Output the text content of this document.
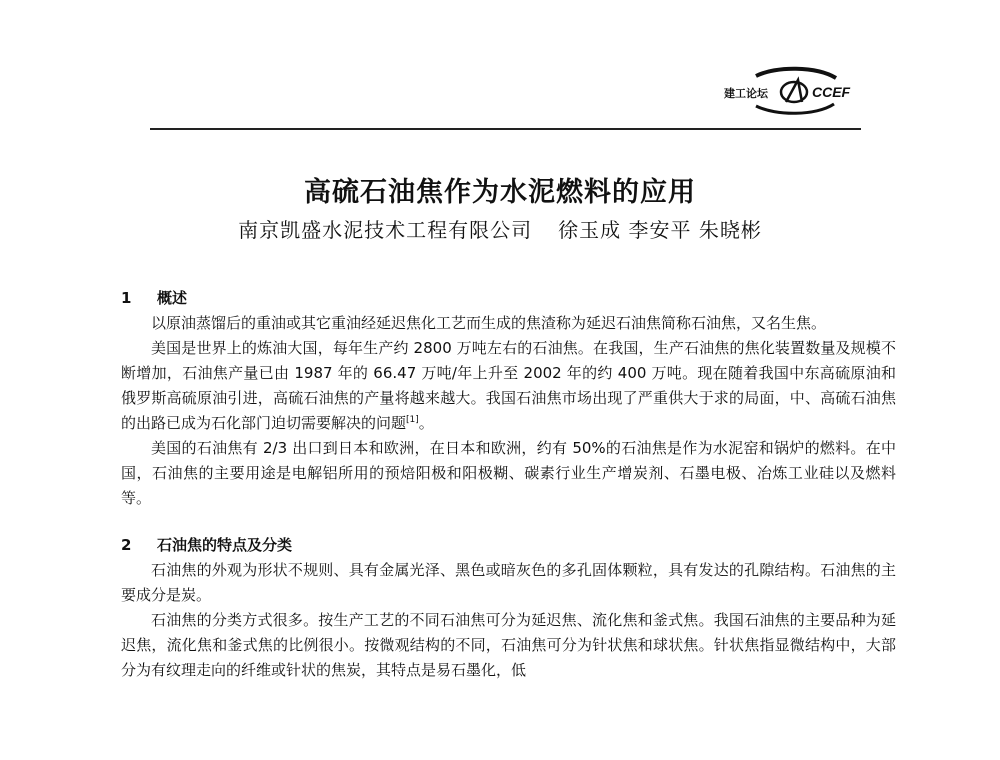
建工论坛	CCEF
高硫石油焦作为水泥燃料的应用
南京凯盛水泥技术工程有限公司 徐玉成 李安平 朱晓彬
1 概述

以原油蒸馏后的重油或其它重油经延迟焦化工艺而生成的焦渣称为延迟石油焦简称石油焦，又名生焦。

美国是世界上的炼油大国，每年生产约 2800 万吨左右的石油焦。在我国，生产石油焦的焦化装置数量及规模不断增加，石油焦产量已由 1987 年的 66.47 万吨/年上升至 2002 年的约 400 万吨。现在随着我国中东高硫原油和俄罗斯高硫原油引进，高硫石油焦的产量将越来越大。我国石油焦市场出现了严重供大于求的局面，中、高硫石油焦的出路已成为石化部门迫切需要解决的问题[1]。

美国的石油焦有 2/3 出口到日本和欧洲，在日本和欧洲，约有 50%的石油焦是作为水泥窑和锅炉的燃料。在中国，石油焦的主要用途是电解铝所用的预焙阳极和阳极糊、碳素行业生产增炭剂、石墨电极、冶炼工业硅以及燃料等。

2 石油焦的特点及分类

石油焦的外观为形状不规则、具有金属光泽、黑色或暗灰色的多孔固体颗粒，具有发达的孔隙结构。石油焦的主要成分是炭。

石油焦的分类方式很多。按生产工艺的不同石油焦可分为延迟焦、流化焦和釜式焦。我国石油焦的主要品种为延迟焦，流化焦和釜式焦的比例很小。按微观结构的不同，石油焦可分为针状焦和球状焦。针状焦指显微结构中，大部分为有纹理走向的纤维或针状的焦炭，其特点是易石墨化，低
